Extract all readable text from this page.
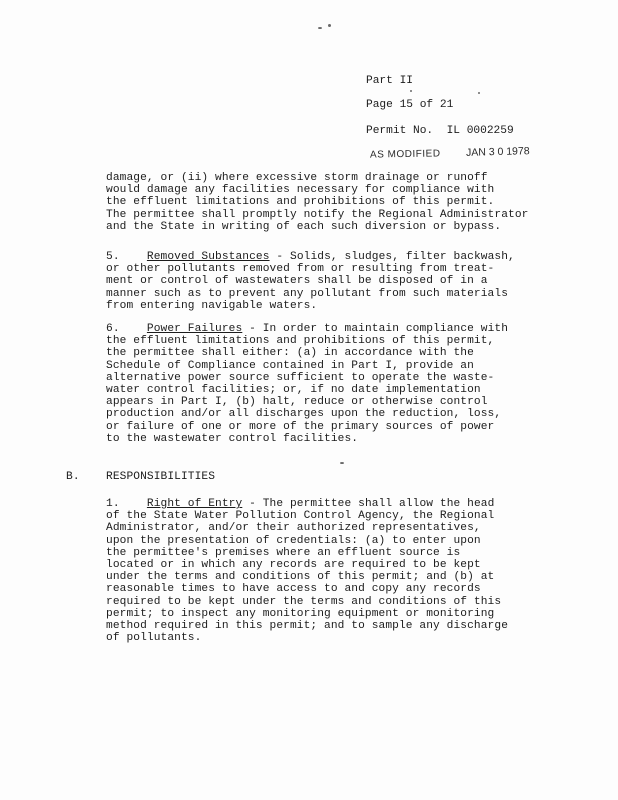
Part II
Page 15 of 21
Permit No.  IL 0002259
AS MODIFIED JAN 3 0 1978
damage, or (ii) where excessive storm drainage or runoff
would damage any facilities necessary for compliance with
the effluent limitations and prohibitions of this permit.
The permittee shall promptly notify the Regional Administrator
and the State in writing of each such diversion or bypass.
5. Removed Substances - Solids, sludges, filter backwash,
or other pollutants removed from or resulting from treat-
ment or control of wastewaters shall be disposed of in a
manner such as to prevent any pollutant from such materials
from entering navigable waters.
6. Power Failures - In order to maintain compliance with
the effluent limitations and prohibitions of this permit,
the permittee shall either: (a) in accordance with the
Schedule of Compliance contained in Part I, provide an
alternative power source sufficient to operate the waste-
water control facilities; or, if no date implementation
appears in Part I, (b) halt, reduce or otherwise control
production and/or all discharges upon the reduction, loss,
or failure of one or more of the primary sources of power
to the wastewater control facilities.
B. RESPONSIBILITIES
1. Right of Entry - The permittee shall allow the head
of the State Water Pollution Control Agency, the Regional
Administrator, and/or their authorized representatives,
upon the presentation of credentials: (a) to enter upon
the permittee's premises where an effluent source is
located or in which any records are required to be kept
under the terms and conditions of this permit; and (b) at
reasonable times to have access to and copy any records
required to be kept under the terms and conditions of this
permit; to inspect any monitoring equipment or monitoring
method required in this permit; and to sample any discharge
of pollutants.
